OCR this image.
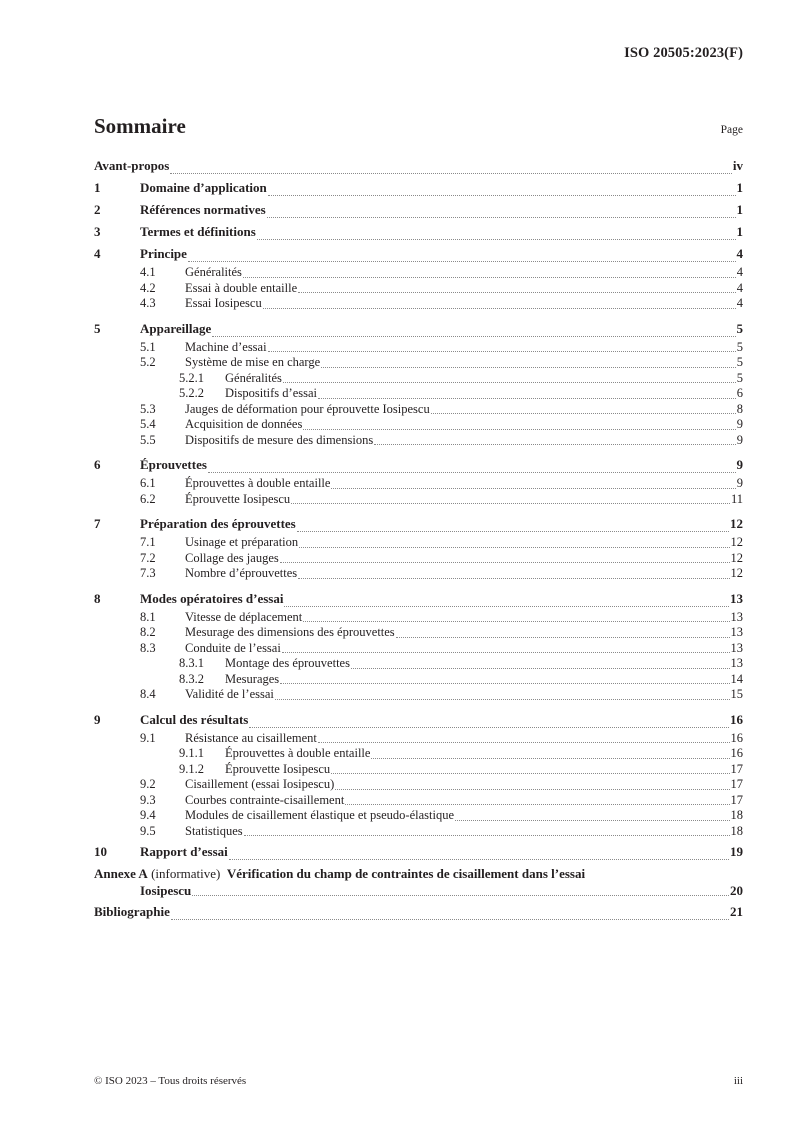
ISO 20505:2023(F)
Sommaire	Page
Avant-propos	iv
1	Domaine d’application	1
2	Références normatives	1
3	Termes et définitions	1
4	Principe	4
4.1	Généralités	4
4.2	Essai à double entaille	4
4.3	Essai Iosipescu	4
5	Appareillage	5
5.1	Machine d’essai	5
5.2	Système de mise en charge	5
5.2.1	Généralités	5
5.2.2	Dispositifs d’essai	6
5.3	Jauges de déformation pour éprouvette Iosipescu	8
5.4	Acquisition de données	9
5.5	Dispositifs de mesure des dimensions	9
6	Éprouvettes	9
6.1	Éprouvettes à double entaille	9
6.2	Éprouvette Iosipescu	11
7	Préparation des éprouvettes	12
7.1	Usinage et préparation	12
7.2	Collage des jauges	12
7.3	Nombre d’éprouvettes	12
8	Modes opératoires d’essai	13
8.1	Vitesse de déplacement	13
8.2	Mesurage des dimensions des éprouvettes	13
8.3	Conduite de l’essai	13
8.3.1	Montage des éprouvettes	13
8.3.2	Mesurages	14
8.4	Validité de l’essai	15
9	Calcul des résultats	16
9.1	Résistance au cisaillement	16
9.1.1	Éprouvettes à double entaille	16
9.1.2	Éprouvette Iosipescu	17
9.2	Cisaillement (essai Iosipescu)	17
9.3	Courbes contrainte-cisaillement	17
9.4	Modules de cisaillement élastique et pseudo-élastique	18
9.5	Statistiques	18
10	Rapport d’essai	19
Annexe A (informative) Vérification du champ de contraintes de cisaillement dans l’essai
Iosipescu	20
Bibliographie	21
© ISO 2023 – Tous droits réservés	iii
